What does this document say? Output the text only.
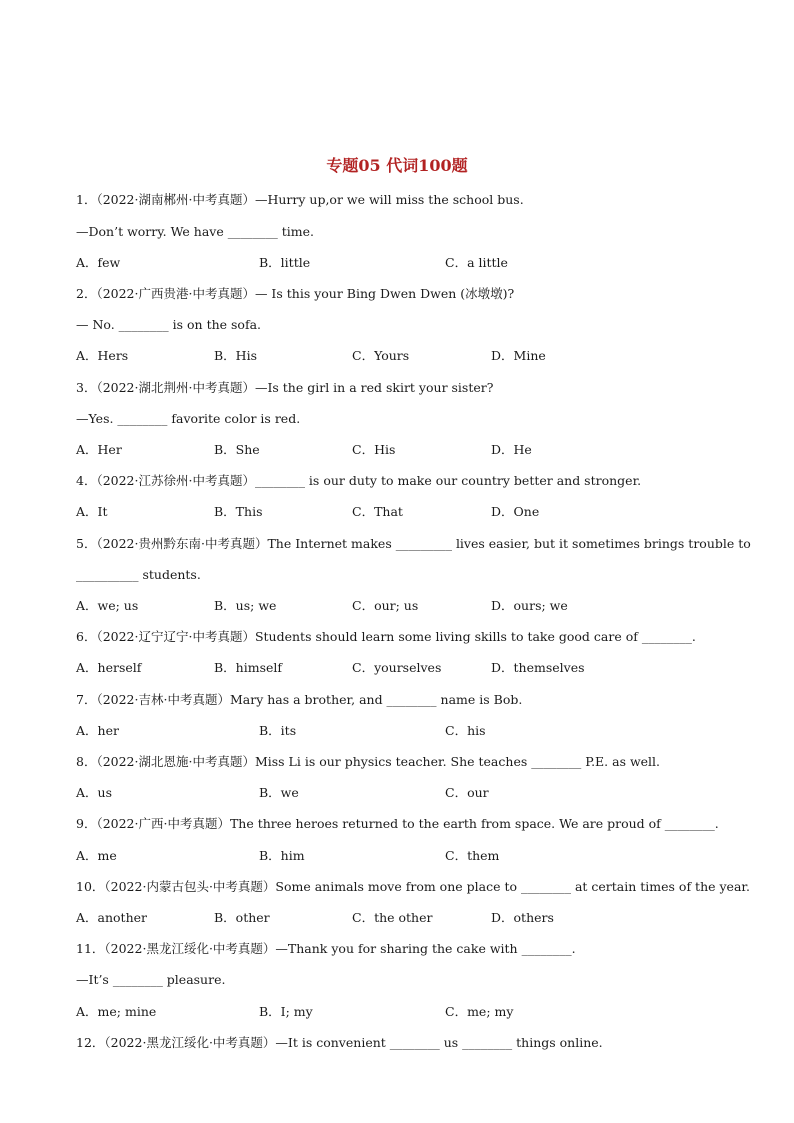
专题05 代词100题
1．（2022·湖南郴州·中考真题）—Hurry up,or we will miss the school bus.
—Don’t worry. We have ________ time.
A．few	B．little	C．a little
2．（2022·广西贵港·中考真题）— Is this your Bing Dwen Dwen (冰墩墩)?
— No. ________ is on the sofa.
A．Hers	B．His	C．Yours	D．Mine
3．（2022·湖北荆州·中考真题）—Is the girl in a red skirt your sister?
—Yes. ________ favorite color is red.
A．Her	B．She	C．His	D．He
4．（2022·江苏徐州·中考真题）________ is our duty to make our country better and stronger.
A．It	B．This	C．That	D．One
5．（2022·贵州黔东南·中考真题）The Internet makes _________ lives easier, but it sometimes brings trouble to
__________ students.
A．we; us	B．us; we	C．our; us	D．ours; we
6．（2022·辽宁辽宁·中考真题）Students should learn some living skills to take good care of ________.
A．herself	B．himself	C．yourselves	D．themselves
7．（2022·吉林·中考真题）Mary has a brother, and ________ name is Bob.
A．her	B．its	C．his
8．（2022·湖北恩施·中考真题）Miss Li is our physics teacher. She teaches ________ P.E. as well.
A．us	B．we	C．our
9．（2022·广西·中考真题）The three heroes returned to the earth from space. We are proud of ________.
A．me	B．him	C．them
10．（2022·内蒙古包头·中考真题）Some animals move from one place to ________ at certain times of the year.
A．another	B．other	C．the other	D．others
11．（2022·黑龙江绥化·中考真题）—Thank you for sharing the cake with ________.
—It’s ________ pleasure.
A．me; mine	B．I; my	C．me; my
12．（2022·黑龙江绥化·中考真题）—It is convenient ________ us ________ things online.
